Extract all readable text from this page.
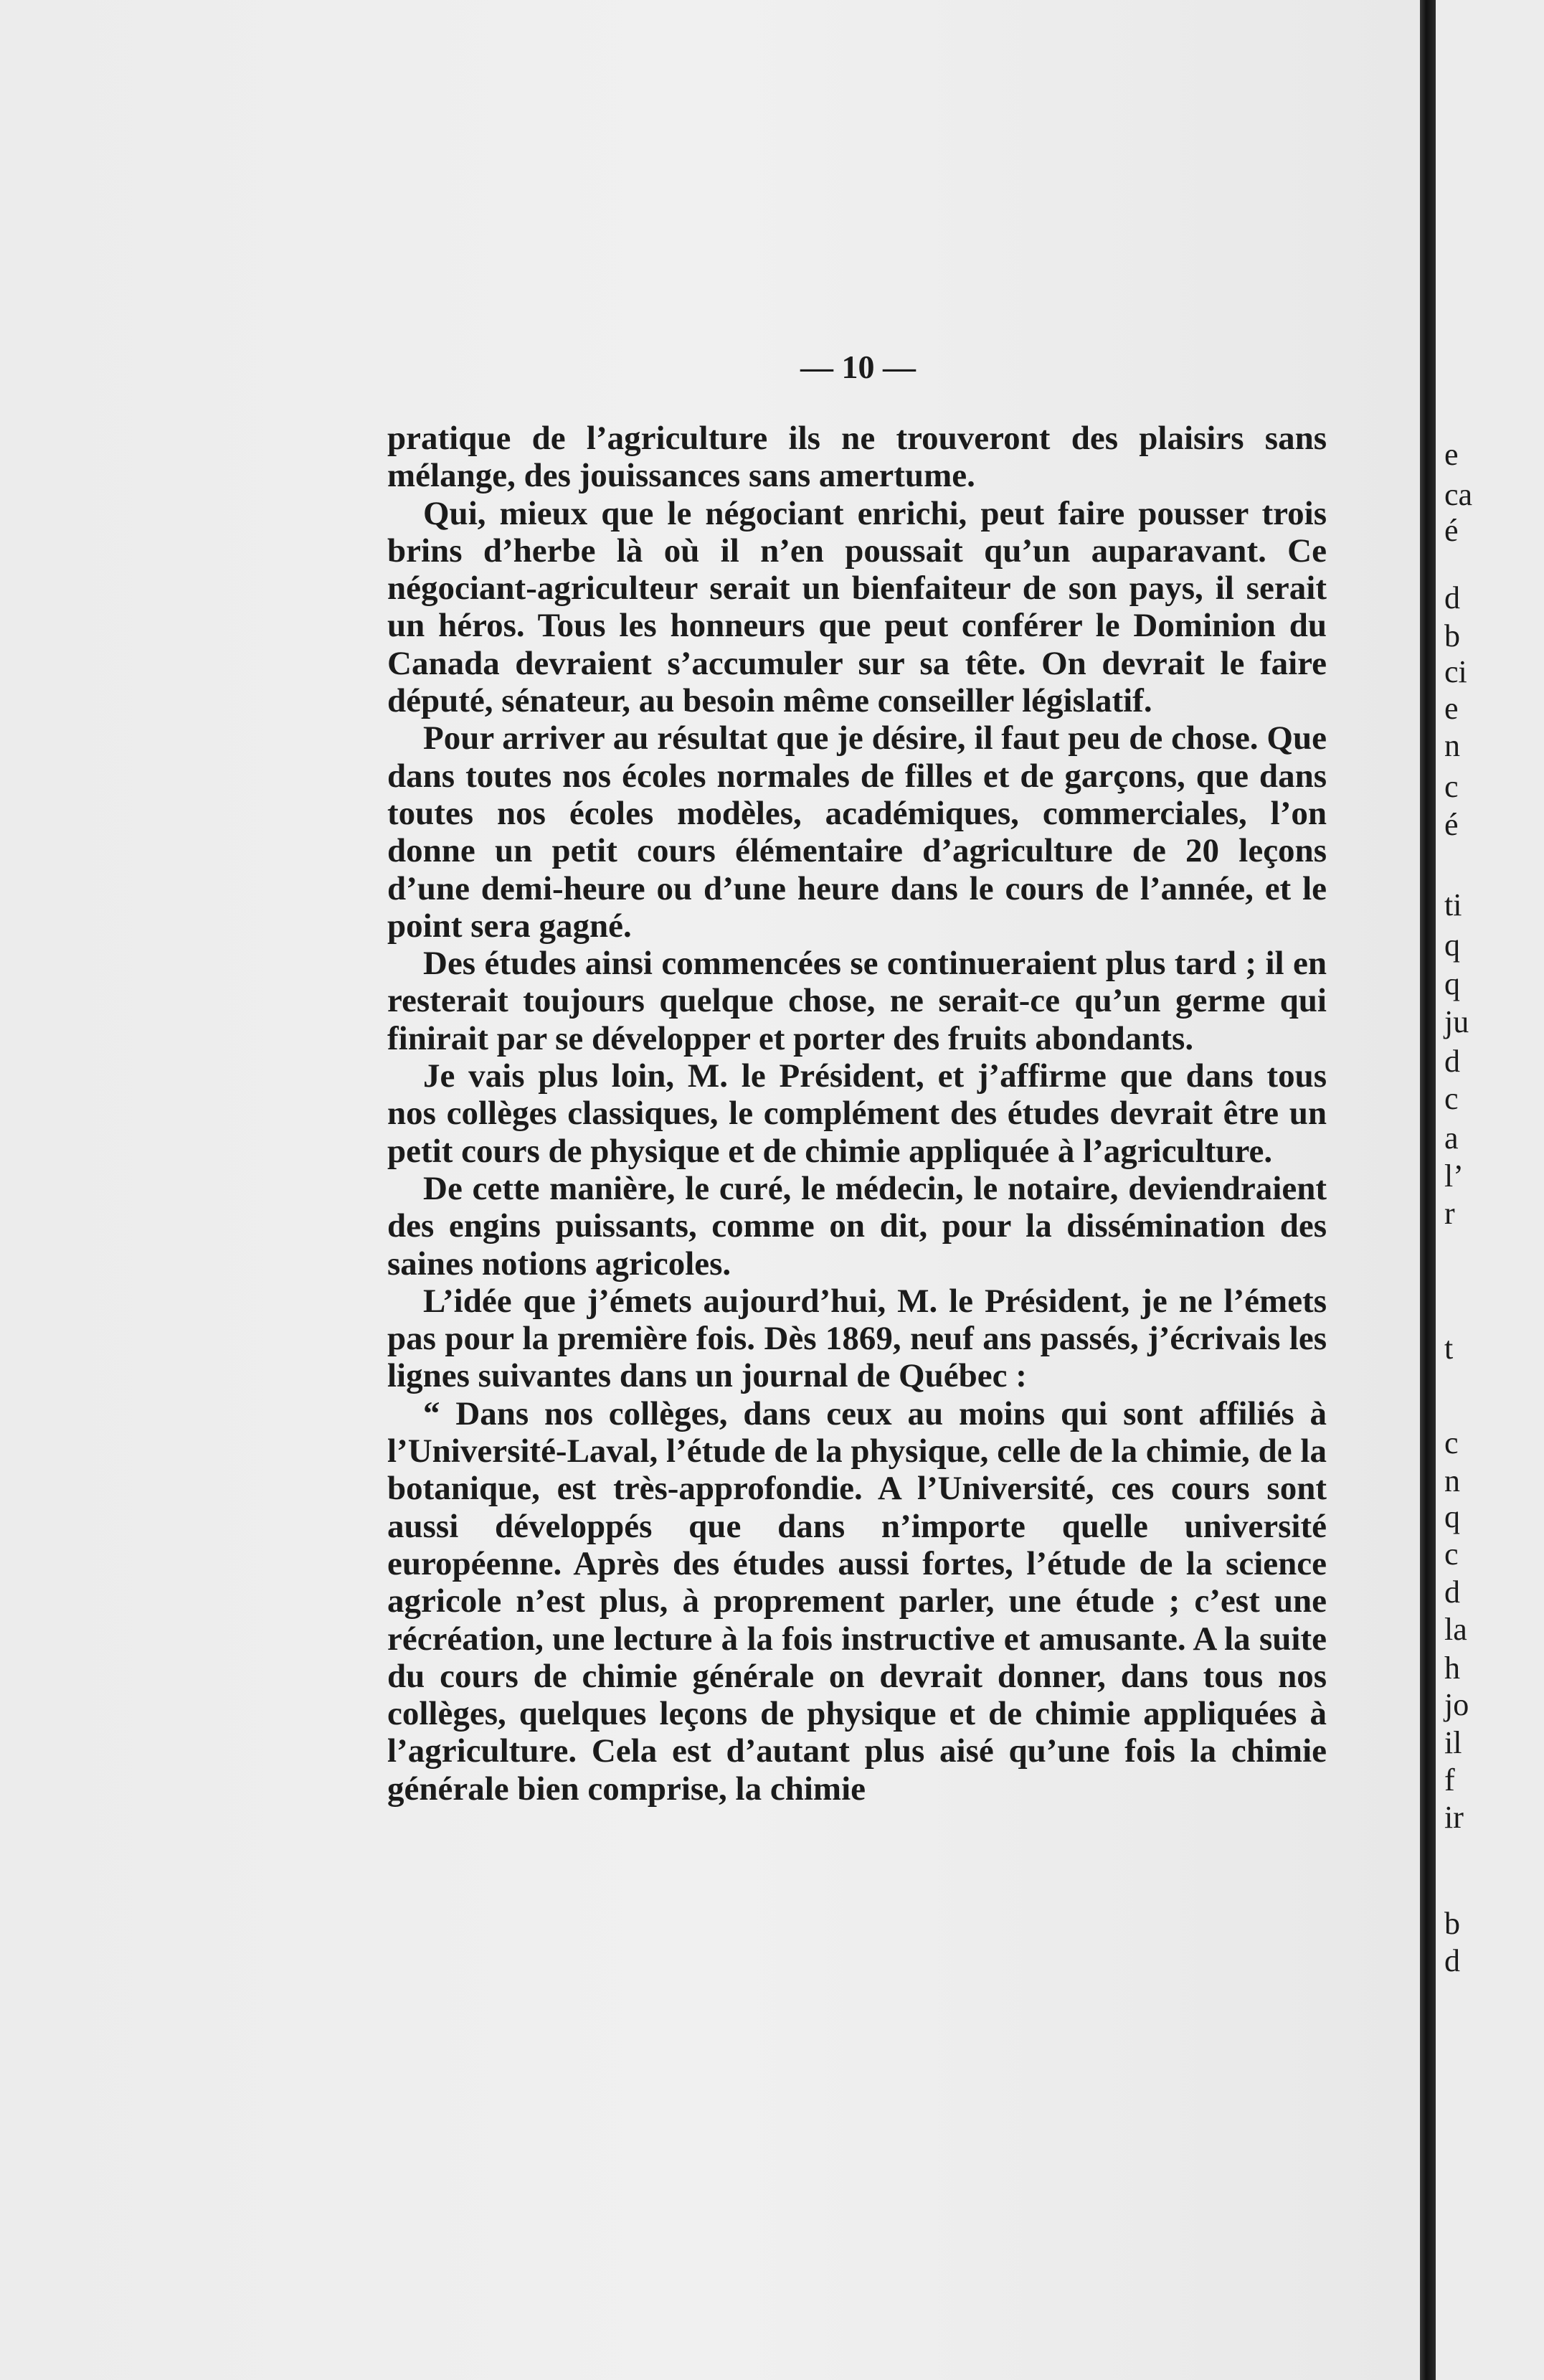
— 10 —

pratique de l’agriculture ils ne trouveront des plaisirs sans mélange, des jouissances sans amertume.

Qui, mieux que le négociant enrichi, peut faire pousser trois brins d’herbe là où il n’en poussait qu’un auparavant. Ce négociant-agriculteur serait un bienfaiteur de son pays, il serait un héros. Tous les honneurs que peut conférer le Dominion du Canada devraient s’accumuler sur sa tête. On devrait le faire député, sénateur, au besoin même conseiller législatif.

Pour arriver au résultat que je désire, il faut peu de chose. Que dans toutes nos écoles normales de filles et de garçons, que dans toutes nos écoles modèles, académiques, commerciales, l’on donne un petit cours élémentaire d’agriculture de 20 leçons d’une demi-heure ou d’une heure dans le cours de l’année, et le point sera gagné.

Des études ainsi commencées se continueraient plus tard ; il en resterait toujours quelque chose, ne serait-ce qu’un germe qui finirait par se développer et porter des fruits abondants.

Je vais plus loin, M. le Président, et j’affirme que dans tous nos collèges classiques, le complément des études devrait être un petit cours de physique et de chimie appliquée à l’agriculture.

De cette manière, le curé, le médecin, le notaire, deviendraient des engins puissants, comme on dit, pour la dissémination des saines notions agricoles.

L’idée que j’émets aujourd’hui, M. le Président, je ne l’émets pas pour la première fois. Dès 1869, neuf ans passés, j’écrivais les lignes suivantes dans un journal de Québec :

“ Dans nos collèges, dans ceux au moins qui sont affiliés à l’Université-Laval, l’étude de la physique, celle de la chimie, de la botanique, est très-approfondie. A l’Université, ces cours sont aussi développés que dans n’importe quelle université européenne. Après des études aussi fortes, l’étude de la science agricole n’est plus, à proprement parler, une étude ; c’est une récréation, une lecture à la fois instructive et amusante. A la suite du cours de chimie générale on devrait donner, dans tous nos collèges, quelques leçons de physique et de chimie appliquées à l’agriculture. Cela est d’autant plus aisé qu’une fois la chimie générale bien comprise, la chimie

e
ca
é
d
b
ci
e
n
c
é
ti
q
q
ju
d
c
a
l’
r
t
c
n
q
c
d
la
h
jo
il
f
ir
b
d
